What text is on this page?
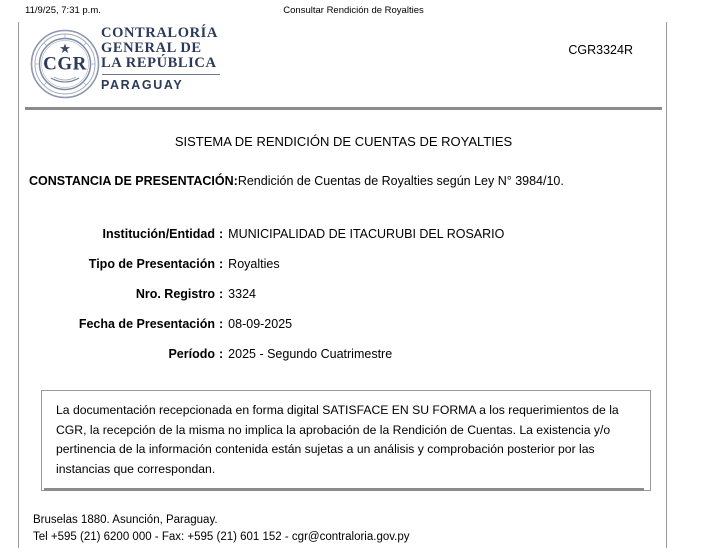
11/9/25, 7:31 p.m.	Consultar Rendición de Royalties
CGR
CONTRALORÍA
GENERAL DE
LA REPÚBLICA
PARAGUAY
CGR3324R
SISTEMA DE RENDICIÓN DE CUENTAS DE ROYALTIES
CONSTANCIA DE PRESENTACIÓN:Rendición de Cuentas de Royalties según Ley N° 3984/10.
Institución/Entidad : MUNICIPALIDAD DE ITACURUBI DEL ROSARIO
Tipo de Presentación : Royalties
Nro. Registro : 3324
Fecha de Presentación : 08-09-2025
Período : 2025 - Segundo Cuatrimestre

La documentación recepcionada en forma digital SATISFACE EN SU FORMA a los requerimientos de la CGR, la recepción de la misma no implica la aprobación de la Rendición de Cuentas. La existencia y/o pertinencia de la información contenida están sujetas a un análisis y comprobación posterior por las instancias que correspondan.

Bruselas 1880. Asunción, Paraguay.
Tel +595 (21) 6200 000 - Fax: +595 (21) 601 152 - cgr@contraloria.gov.py
